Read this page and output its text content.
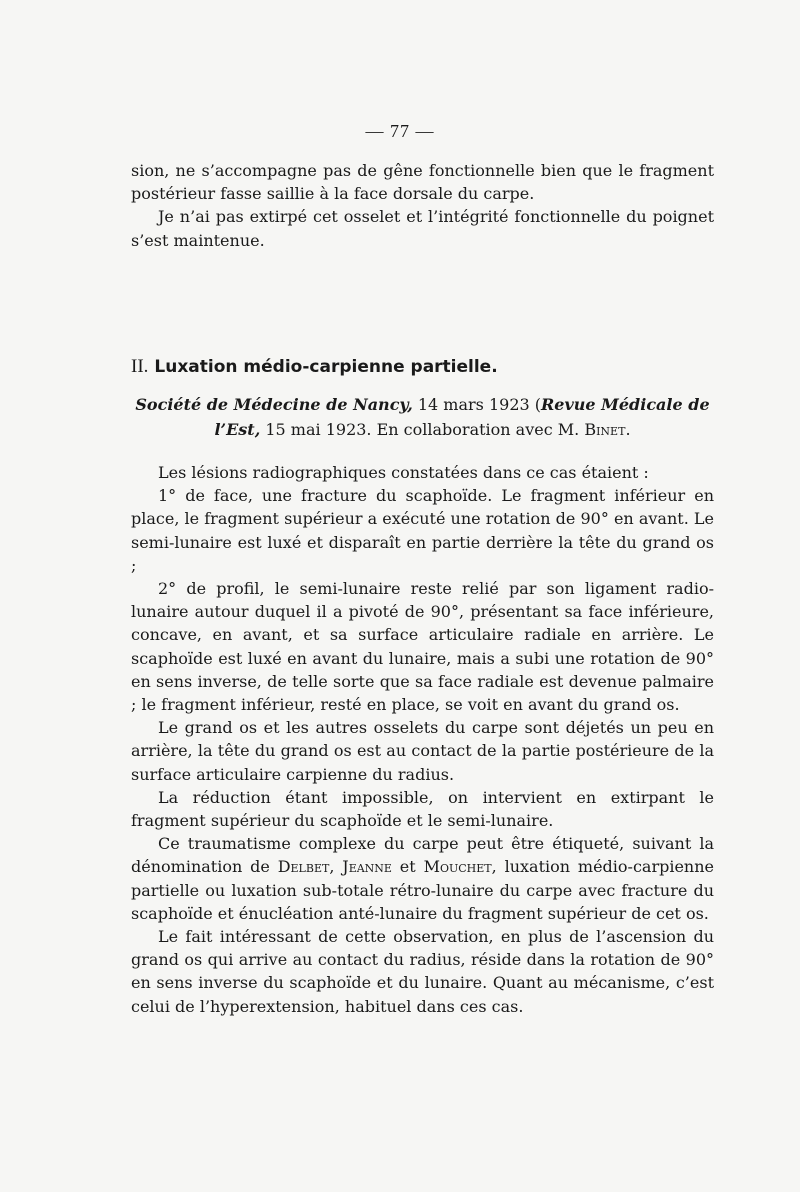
— 77 —

sion, ne s’accompagne pas de gêne fonctionnelle bien que le fragment postérieur fasse saillie à la face dorsale du carpe.

Je n’ai pas extirpé cet osselet et l’intégrité fonctionnelle du poignet s’est maintenue.

II. Luxation médio-carpienne partielle.
Société de Médecine de Nancy, 14 mars 1923 (Revue Médicale de
l’Est, 15 mai 1923. En collaboration avec M. Binet.

Les lésions radiographiques constatées dans ce cas étaient :

1° de face, une fracture du scaphoïde. Le fragment inférieur en place, le fragment supérieur a exécuté une rotation de 90° en avant. Le semi-lunaire est luxé et disparaît en partie derrière la tête du grand os ;

2° de profil, le semi-lunaire reste relié par son ligament radio-lunaire autour duquel il a pivoté de 90°, présentant sa face inférieure, concave, en avant, et sa surface articulaire radiale en arrière. Le scaphoïde est luxé en avant du lunaire, mais a subi une rotation de 90° en sens inverse, de telle sorte que sa face radiale est devenue palmaire ; le fragment inférieur, resté en place, se voit en avant du grand os.

Le grand os et les autres osselets du carpe sont déjetés un peu en arrière, la tête du grand os est au contact de la partie postérieure de la surface articulaire carpienne du radius.

La réduction étant impossible, on intervient en extirpant le fragment supérieur du scaphoïde et le semi-lunaire.

Ce traumatisme complexe du carpe peut être étiqueté, suivant la dénomination de Delbet, Jeanne et Mouchet, luxation médio-carpienne partielle ou luxation sub-totale rétro-lunaire du carpe avec fracture du scaphoïde et énucléation anté-lunaire du fragment supérieur de cet os.

Le fait intéressant de cette observation, en plus de l’ascension du grand os qui arrive au contact du radius, réside dans la rotation de 90° en sens inverse du scaphoïde et du lunaire. Quant au mécanisme, c’est celui de l’hyperextension, habituel dans ces cas.
